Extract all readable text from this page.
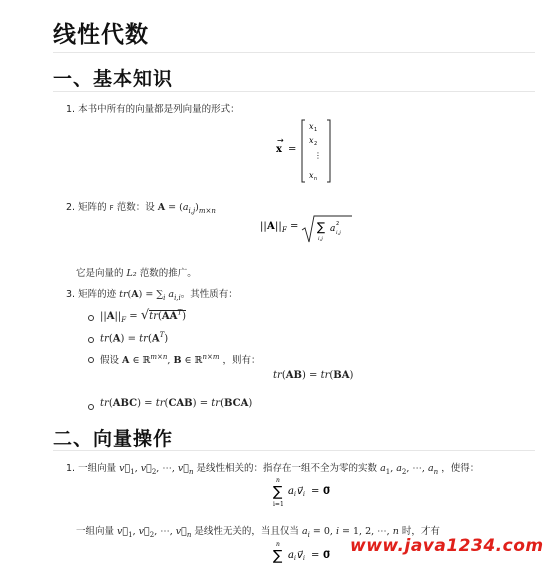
线性代数
一、基本知识
1. 本书中所有的向量都是列向量的形式：
x
→
=
x 1
x 2
⋮
x n
2. 矩阵的 F 范数：设 $A = (a_{i,j})_{m\times n}$
|| A || F = ∑
i,j
a 2
i,j
它是向量的 L₂ 范数的推广。
3. 矩阵的迹 $tr(A) = \sum_i$ $a_{i,i}$。其性质有：
$||A||_F = √tr(AA^T)$
$tr(A) = tr(A^T)$
假设 A ∈ ℝ$^{m\times n}$, B ∈ ℝ$^{n\times m}$ ，则有：
tr(AB) = tr(BA)
tr(ABC) = tr(CAB) = tr(BCA)
二、向量操作
1. 一组向量 $v⃗_1$, $v⃗_2$, ⋯, $v⃗_n$ 是线性相关的：指存在一组不全为零的实数 $a_1$, $a_2$, ⋯, $a_n$ ，使得：
n
∑
i=1
a i v⃗ i = 0⃗
一组向量 $v⃗_1$, $v⃗_2$, ⋯, $v⃗_n$ 是线性无关的，当且仅当 $a_i = 0$, i = 1, 2, ⋯, n 时，才有
n
∑ a i v⃗ i = 0⃗ www.java1234.com
